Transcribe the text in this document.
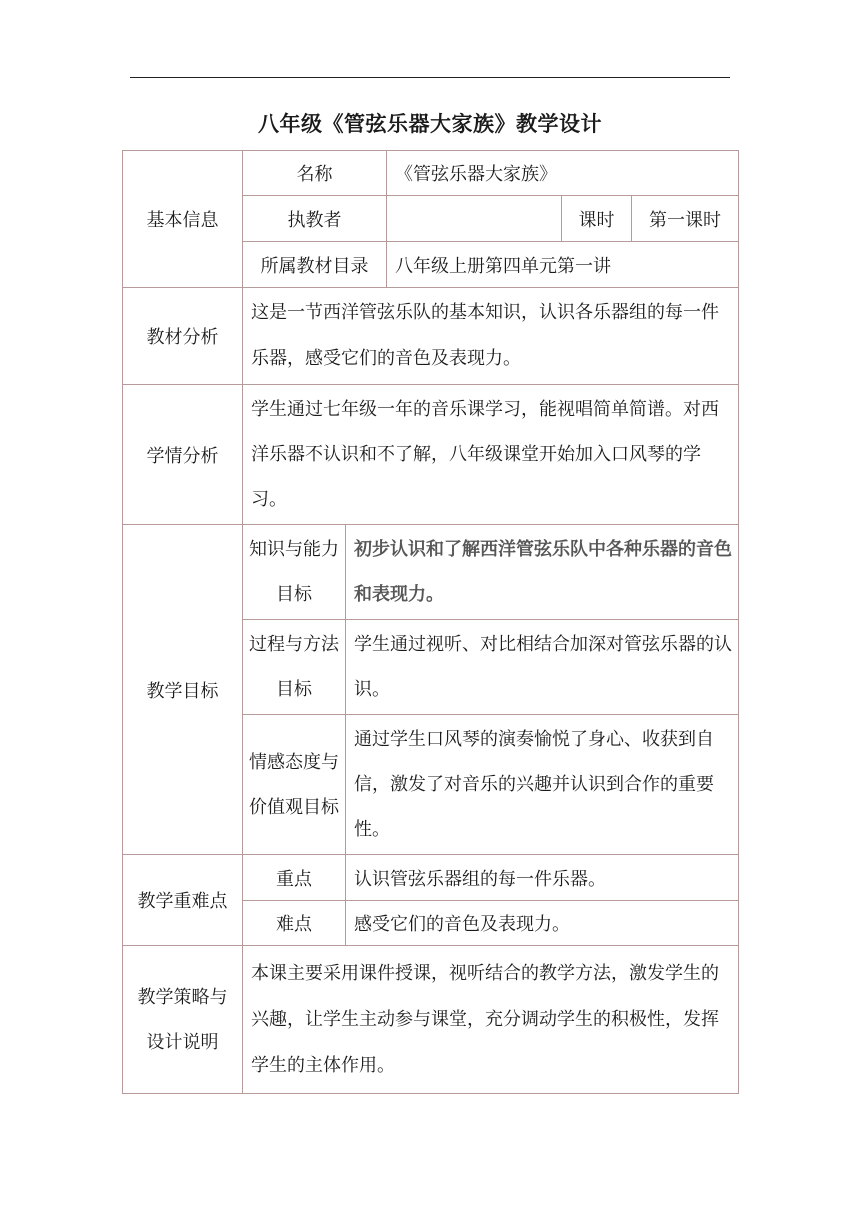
八年级《管弦乐器大家族》教学设计
基本信息	名称		《管弦乐器大家族》		
	执教者			课时	第一课时
	所属教材目录		八年级上册第四单元第一讲		
教材分析	这是一节西洋管弦乐队的基本知识，认识各乐器组的每一件乐器，感受它们的音色及表现力。				
学情分析	学生通过七年级一年的音乐课学习，能视唱简单简谱。对西洋乐器不认识和不了解，八年级课堂开始加入口风琴的学习。				
教学目标	知识与能力目标	初步认识和了解西洋管弦乐队中各种乐器的音色和表现力。			
	过程与方法目标	学生通过视听、对比相结合加深对管弦乐器的认识。			
	情感态度与价值观目标	通过学生口风琴的演奏愉悦了身心、收获到自信，激发了对音乐的兴趣并认识到合作的重要性。			
教学重难点	重点	认识管弦乐器组的每一件乐器。			
	难点	感受它们的音色及表现力。			
教学策略与设计说明	本课主要采用课件授课，视听结合的教学方法，激发学生的兴趣，让学生主动参与课堂，充分调动学生的积极性，发挥学生的主体作用。				
